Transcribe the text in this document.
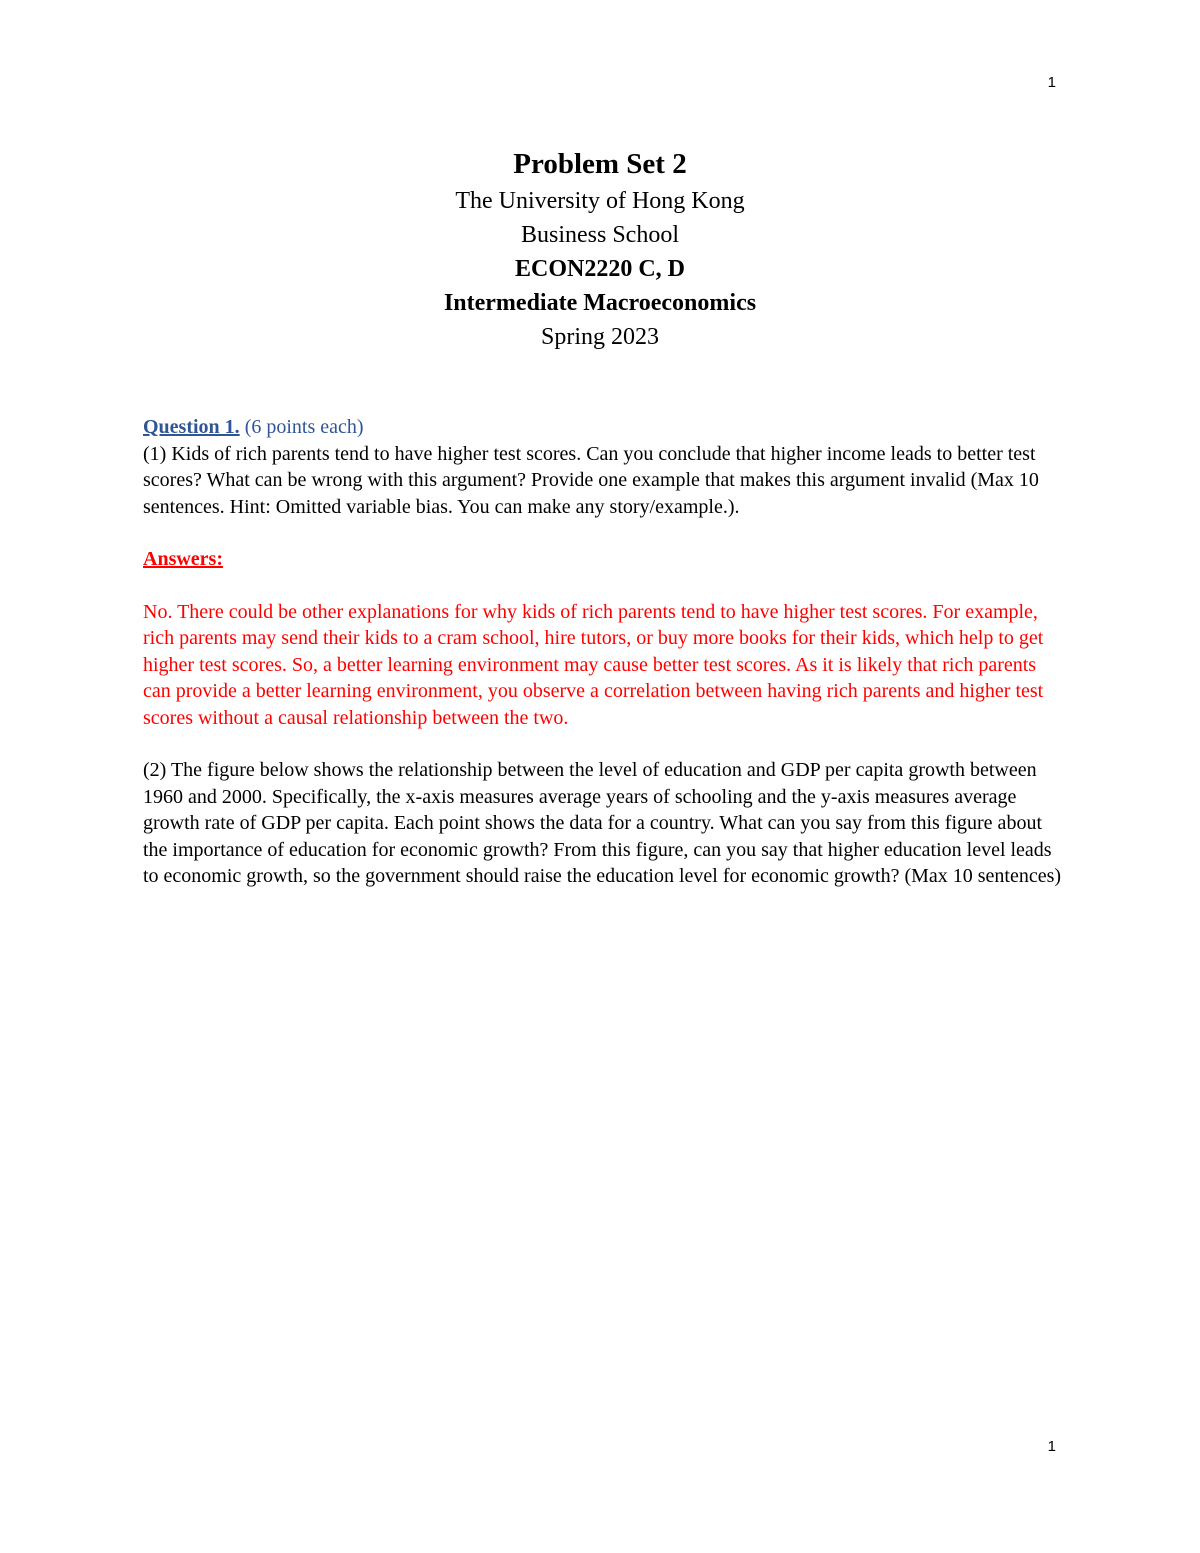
1
Problem Set 2
The University of Hong Kong
Business School
ECON2220 C, D
Intermediate Macroeconomics
Spring 2023

Question 1. (6 points each)

(1) Kids of rich parents tend to have higher test scores. Can you conclude that higher income leads to better test scores? What can be wrong with this argument? Provide one example that makes this argument invalid (Max 10 sentences. Hint: Omitted variable bias. You can make any story/example.).

Answers:

No. There could be other explanations for why kids of rich parents tend to have higher test scores. For example, rich parents may send their kids to a cram school, hire tutors, or buy more books for their kids, which help to get higher test scores. So, a better learning environment may cause better test scores. As it is likely that rich parents can provide a better learning environment, you observe a correlation between having rich parents and higher test scores without a causal relationship between the two.

(2) The figure below shows the relationship between the level of education and GDP per capita growth between 1960 and 2000. Specifically, the x-axis measures average years of schooling and the y-axis measures average growth rate of GDP per capita. Each point shows the data for a country. What can you say from this figure about the importance of education for economic growth? From this figure, can you say that higher education level leads to economic growth, so the government should raise the education level for economic growth? (Max 10 sentences)

1
